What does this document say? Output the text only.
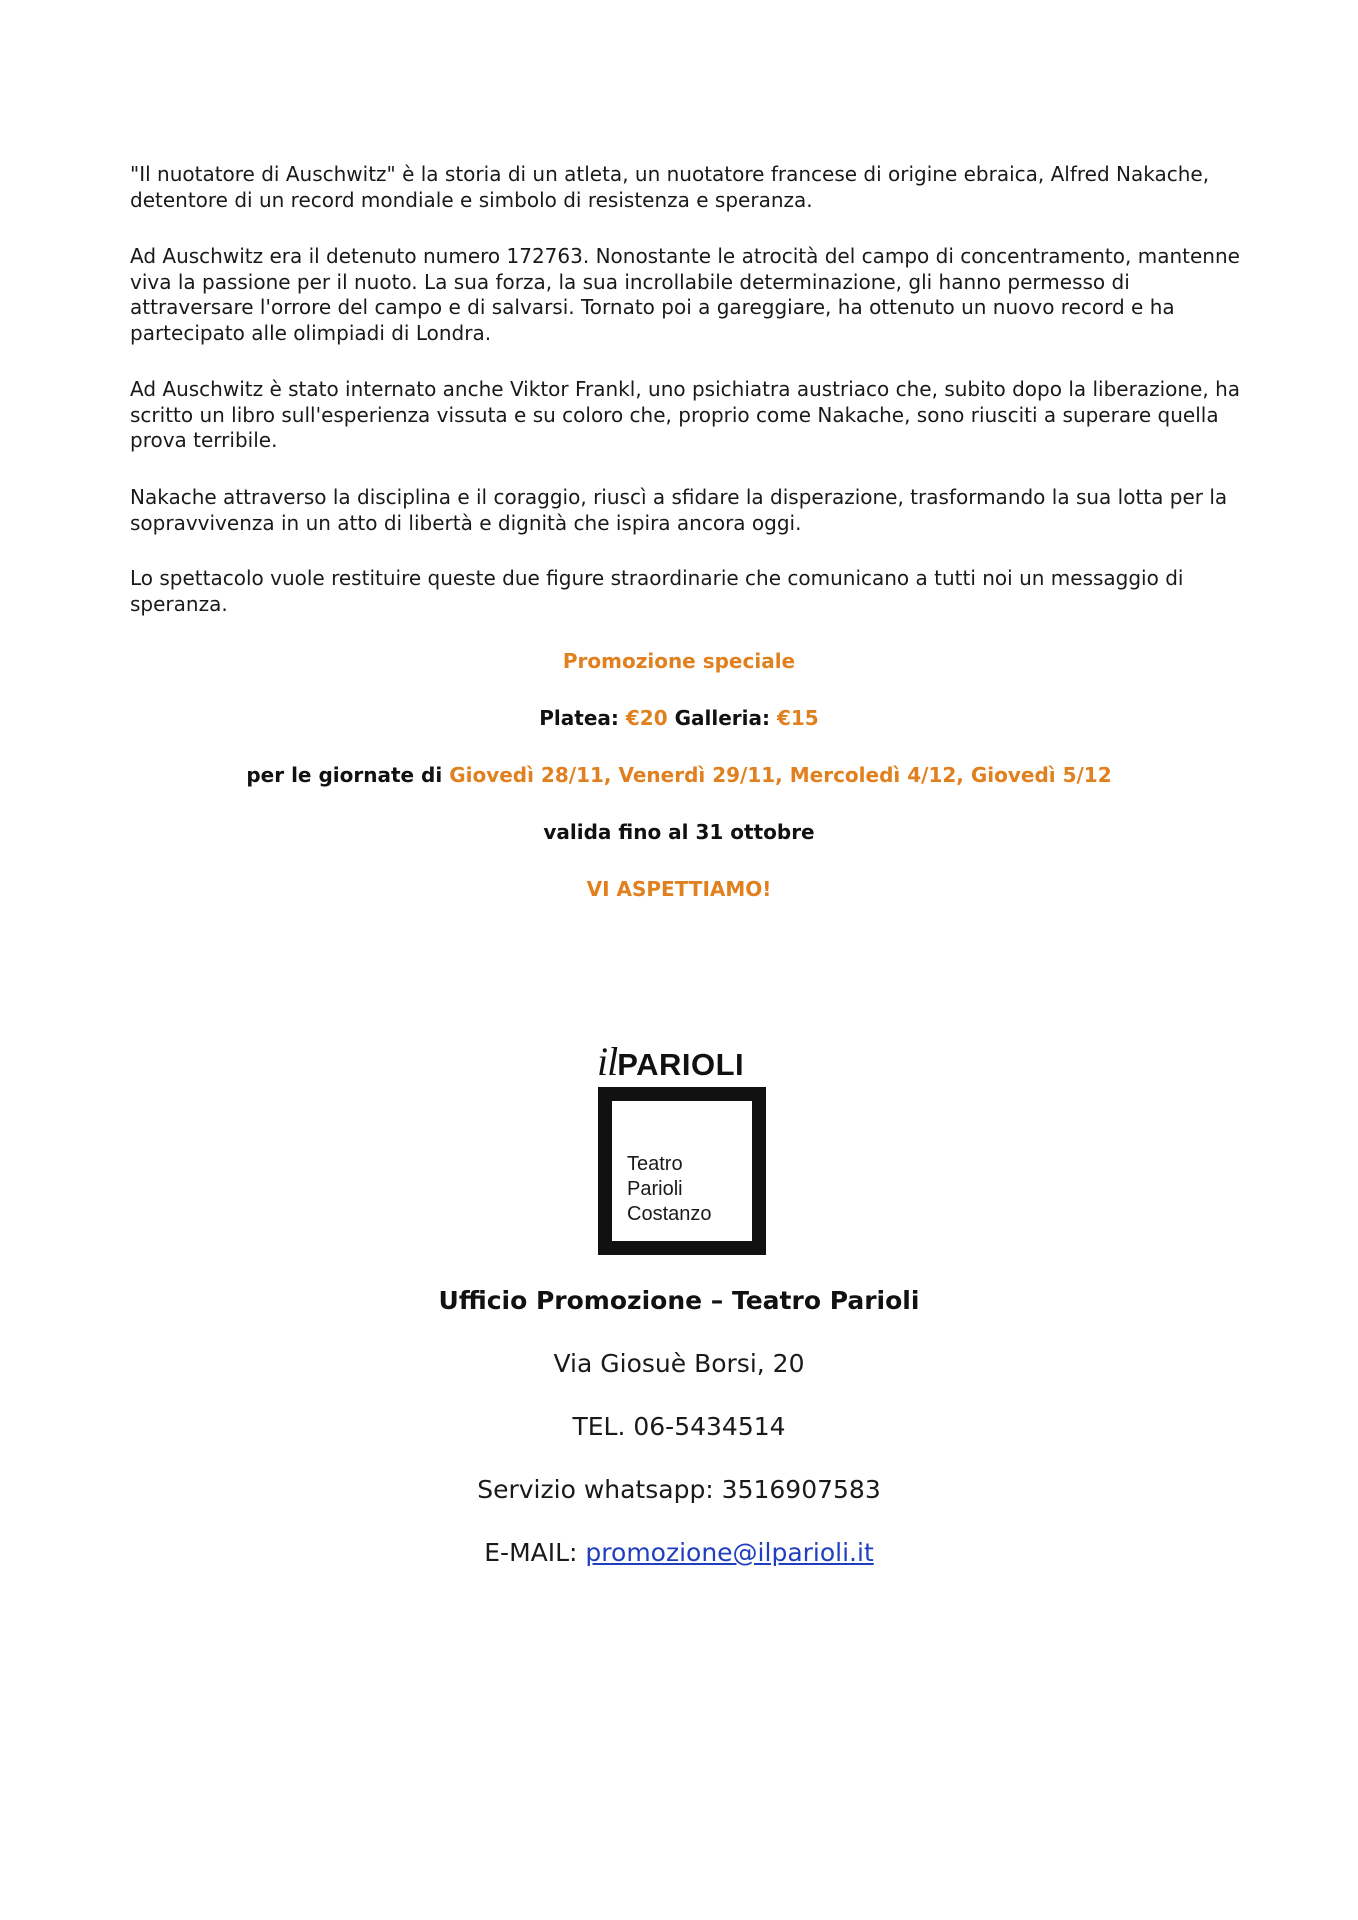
"Il nuotatore di Auschwitz" è la storia di un atleta, un nuotatore francese di origine ebraica, Alfred Nakache, detentore di un record mondiale e simbolo di resistenza e speranza.

Ad Auschwitz era il detenuto numero 172763. Nonostante le atrocità del campo di concentramento, mantenne viva la passione per il nuoto. La sua forza, la sua incrollabile determinazione, gli hanno permesso di attraversare l'orrore del campo e di salvarsi. Tornato poi a gareggiare, ha ottenuto un nuovo record e ha partecipato alle olimpiadi di Londra.

Ad Auschwitz è stato internato anche Viktor Frankl, uno psichiatra austriaco che, subito dopo la liberazione, ha scritto un libro sull'esperienza vissuta e su coloro che, proprio come Nakache, sono riusciti a superare quella prova terribile.

Nakache attraverso la disciplina e il coraggio, riuscì a sfidare la disperazione, trasformando la sua lotta per la sopravvivenza in un atto di libertà e dignità che ispira ancora oggi.

Lo spettacolo vuole restituire queste due figure straordinarie che comunicano a tutti noi un messaggio di speranza.

Promozione speciale

Platea: €20 Galleria: €15

per le giornate di Giovedì 28/11, Venerdì 29/11, Mercoledì 4/12, Giovedì 5/12

valida fino al 31 ottobre

VI ASPETTIAMO!

ilPARIOLI
Teatro
Parioli
Costanzo

Ufficio Promozione – Teatro Parioli

Via Giosuè Borsi, 20

TEL. 06-5434514

Servizio whatsapp: 3516907583

E-MAIL: promozione@ilparioli.it
